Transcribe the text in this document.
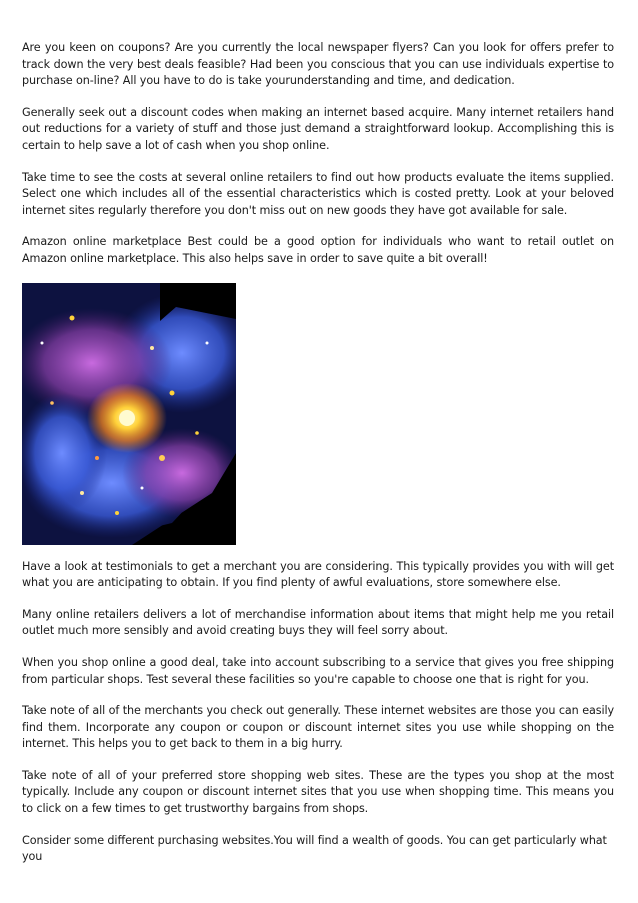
Are you keen on coupons? Are you currently the local newspaper flyers? Can you look for offers prefer to track down the very best deals feasible? Had been you conscious that you can use individuals expertise to purchase on-line? All you have to do is take yourunderstanding and time, and dedication.

Generally seek out a discount codes when making an internet based acquire. Many internet retailers hand out reductions for a variety of stuff and those just demand a straightforward lookup. Accomplishing this is certain to help save a lot of cash when you shop online.

Take time to see the costs at several online retailers to find out how products evaluate the items supplied. Select one which includes all of the essential characteristics which is costed pretty. Look at your beloved internet sites regularly therefore you don't miss out on new goods they have got available for sale.

Amazon online marketplace Best could be a good option for individuals who want to retail outlet on Amazon online marketplace. This also helps save in order to save quite a bit overall!

Have a look at testimonials to get a merchant you are considering. This typically provides you with will get what you are anticipating to obtain. If you find plenty of awful evaluations, store somewhere else.

Many online retailers delivers a lot of merchandise information about items that might help me you retail outlet much more sensibly and avoid creating buys they will feel sorry about.

When you shop online a good deal, take into account subscribing to a service that gives you free shipping from particular shops. Test several these facilities so you're capable to choose one that is right for you.

Take note of all of the merchants you check out generally. These internet websites are those you can easily find them. Incorporate any coupon or coupon or discount internet sites you use while shopping on the internet. This helps you to get back to them in a big hurry.

Take note of all of your preferred store shopping web sites. These are the types you shop at the most typically. Include any coupon or discount internet sites that you use when shopping time. This means you to click on a few times to get trustworthy bargains from shops.

Consider some different purchasing websites.You will find a wealth of goods. You can get particularly what you
